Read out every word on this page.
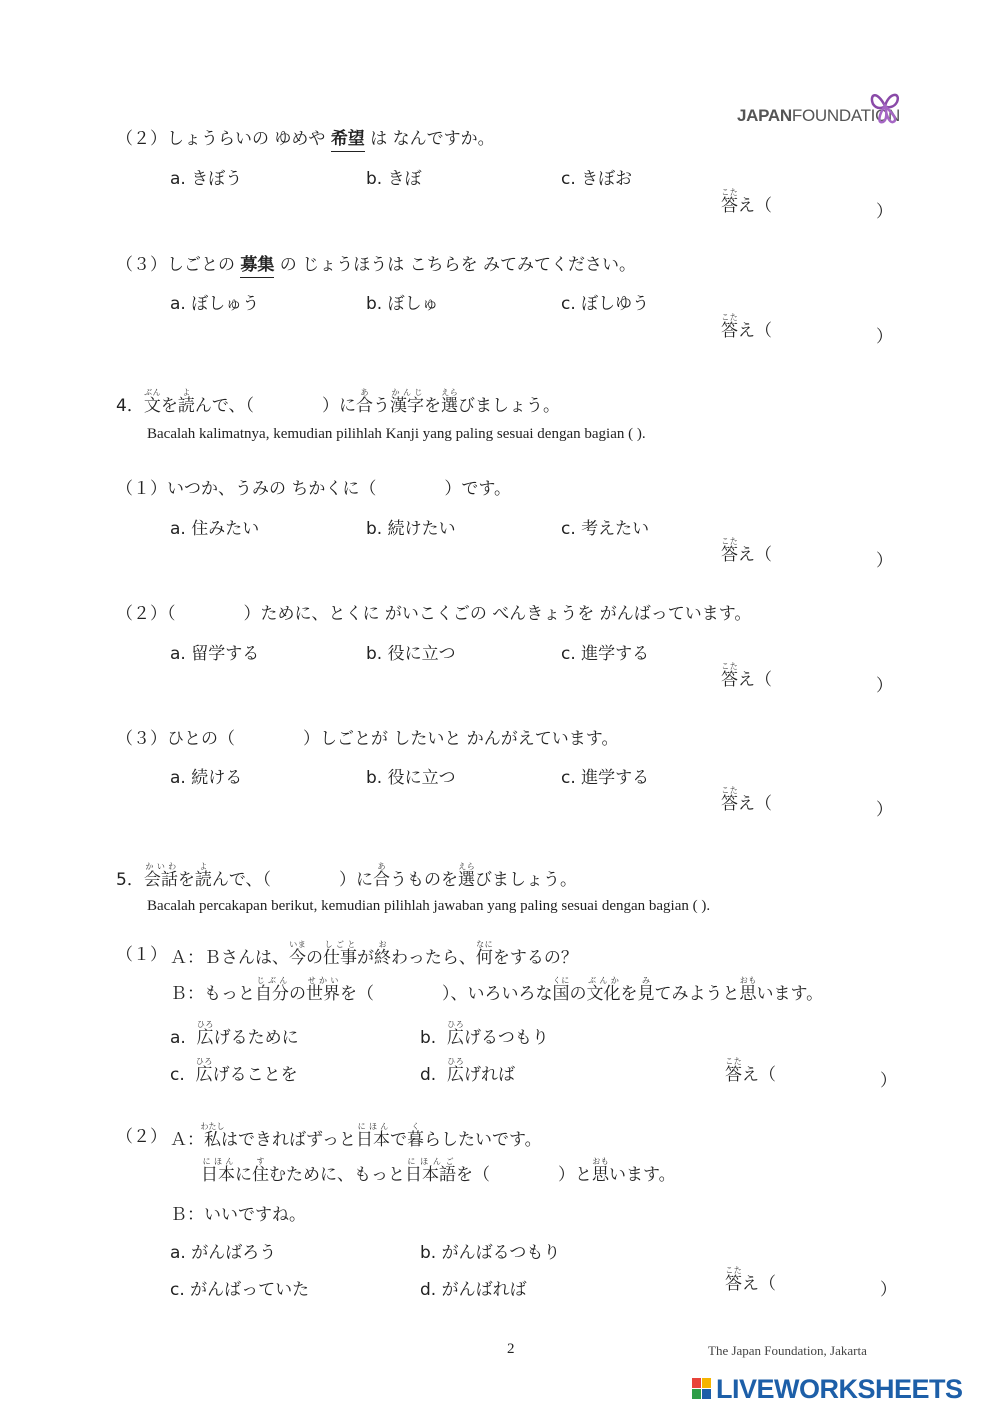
JAPANFOUNDATION
（２）しょうらいの ゆめや 希望 は なんですか。
a. きぼう	b. きぼ	c. きぼお
答こたえ（	）
（３）しごとの 募集 の じょうほうは こちらを みてみてください。
a. ぼしゅう	b. ぼしゅ	c. ぼしゆう
答こたえ（	）
4．文ぶんを読よんで、（　　　　）に合あう漢字かんじを選えらびましょう。
Bacalah kalimatnya, kemudian pilihlah Kanji yang paling sesuai dengan bagian ( ).
（１）いつか、うみの ちかくに（　　　　）です。
a. 住みたい	b. 続けたい	c. 考えたい
答こたえ（	）
（２）（　　　　）ために、とくに がいこくごの べんきょうを がんばっています。
a. 留学する	b. 役に立つ	c. 進学する
答こたえ（	）
（３）ひとの（　　　　）しごとが したいと かんがえています。
a. 続ける	b. 役に立つ	c. 進学する
答こたえ（	）
5．会話かいわを読よんで、（　　　　）に合あうものを選えらびましょう。
Bacalah percakapan berikut, kemudian pilihlah jawaban yang paling sesuai dengan bagian ( ).
（１） Ａ：Ｂさんは、今いまの仕事しごとが終おわったら、何なにをするの？
Ｂ：もっと自分じぶんの世界せかいを（　　　　）、いろいろな国くにの文化ぶんかを見みてみようと思おもいます。
a. 広ひろげるために	b. 広ひろげるつもり
c. 広ひろげることを	d. 広ひろげれば	答こたえ（	）
（２） Ａ：私わたしはできればずっと日本にほんで暮くらしたいです。
日本にほんに住すむために、もっと日本語にほんごを（　　　　）と思おもいます。
Ｂ：いいですね。
a. がんばろう	b. がんばるつもり
c. がんばっていた	d. がんばれば	答こたえ（	）
2	The Japan Foundation, Jakarta
LIVEWORKSHEETS
